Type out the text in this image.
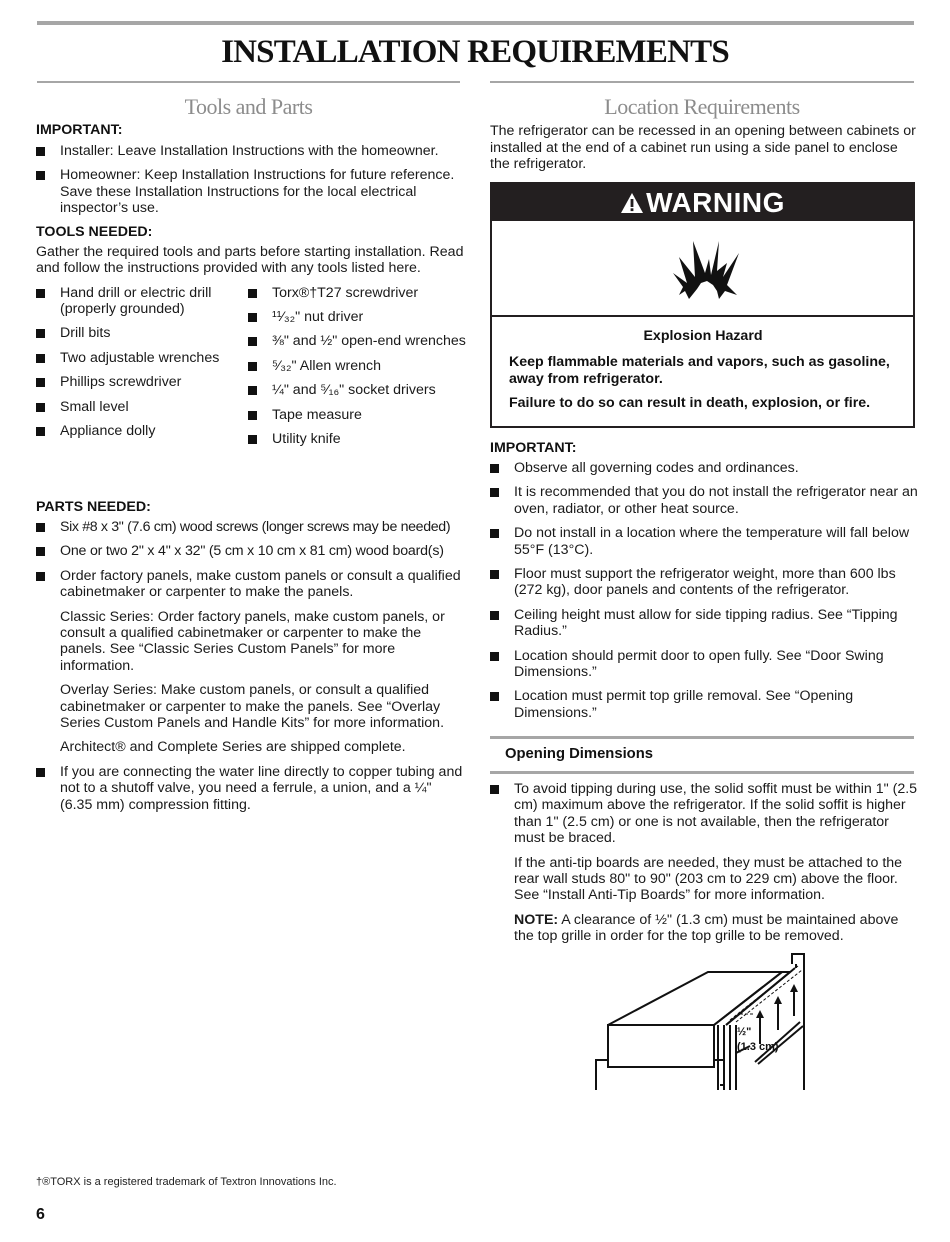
INSTALLATION REQUIREMENTS
Tools and Parts
IMPORTANT:
Installer: Leave Installation Instructions with the homeowner.
Homeowner: Keep Installation Instructions for future reference. Save these Installation Instructions for the local electrical inspector’s use.
TOOLS NEEDED:
Gather the required tools and parts before starting installation. Read and follow the instructions provided with any tools listed here.
Hand drill or electric drill (properly grounded)
Drill bits
Two adjustable wrenches
Phillips screwdriver
Small level
Appliance dolly
Torx®†T27 screwdriver
¹¹⁄₃₂" nut driver
⅜" and ½" open-end wrenches
⁵⁄₃₂" Allen wrench
¼" and ⁵⁄₁₆" socket drivers
Tape measure
Utility knife
PARTS NEEDED:
Six #8 x 3" (7.6 cm) wood screws (longer screws may be needed)
One or two 2" x 4" x 32" (5 cm x 10 cm x 81 cm) wood board(s)
Order factory panels, make custom panels or consult a qualified cabinetmaker or carpenter to make the panels.
Classic Series: Order factory panels, make custom panels, or consult a qualified cabinetmaker or carpenter to make the panels. See “Classic Series Custom Panels” for more information.
Overlay Series: Make custom panels, or consult a qualified cabinetmaker or carpenter to make the panels. See “Overlay Series Custom Panels and Handle Kits” for more information.
Architect® and Complete Series are shipped complete.
If you are connecting the water line directly to copper tubing and not to a shutoff valve, you need a ferrule, a union, and a ¼" (6.35 mm) compression fitting.
Location Requirements
The refrigerator can be recessed in an opening between cabinets or installed at the end of a cabinet run using a side panel to enclose the refrigerator.
WARNING
Explosion Hazard
Keep flammable materials and vapors, such as gasoline, away from refrigerator.
Failure to do so can result in death, explosion, or fire.
IMPORTANT:
Observe all governing codes and ordinances.
It is recommended that you do not install the refrigerator near an oven, radiator, or other heat source.
Do not install in a location where the temperature will fall below 55°F (13°C).
Floor must support the refrigerator weight, more than 600 lbs (272 kg), door panels and contents of the refrigerator.
Ceiling height must allow for side tipping radius. See “Tipping Radius.”
Location should permit door to open fully. See “Door Swing Dimensions.”
Location must permit top grille removal. See “Opening Dimensions.”
Opening Dimensions
To avoid tipping during use, the solid soffit must be within 1" (2.5 cm) maximum above the refrigerator. If the solid soffit is higher than 1" (2.5 cm) or one is not available, then the refrigerator must be braced.
If the anti-tip boards are needed, they must be attached to the rear wall studs 80" to 90" (203 cm to 229 cm) above the floor. See “Install Anti-Tip Boards” for more information.
NOTE: A clearance of ½" (1.3 cm) must be maintained above the top grille in order for the top grille to be removed.
½"
(1.3 cm)
†®TORX is a registered trademark of Textron Innovations Inc.
6
